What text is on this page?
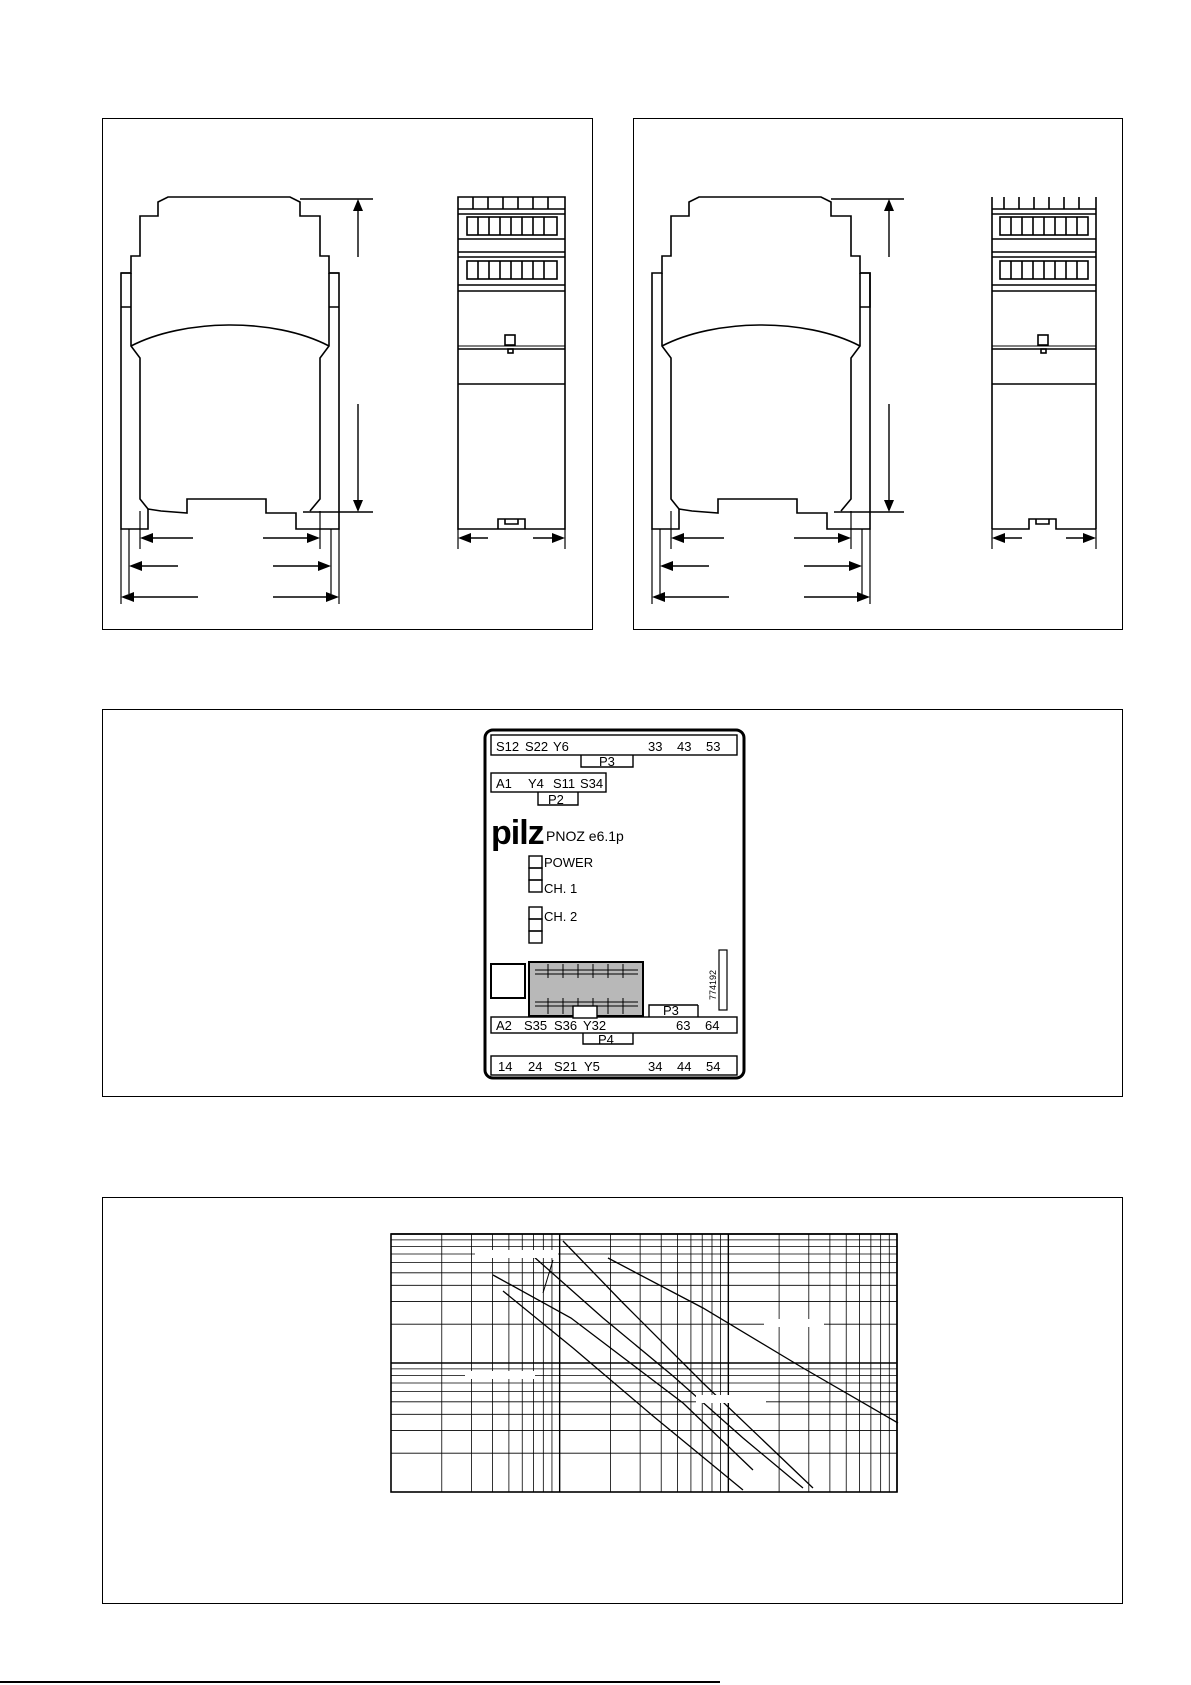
S12 S22 Y6	33 43 53
P3
A1 Y4 S11 S34
P2
pilz PNOZ e6.1p
POWER
CH. 1
CH. 2
774192
P3
A2 S35 S36 Y32	63 64
P4
14 24 S21 Y5	34 44 54
